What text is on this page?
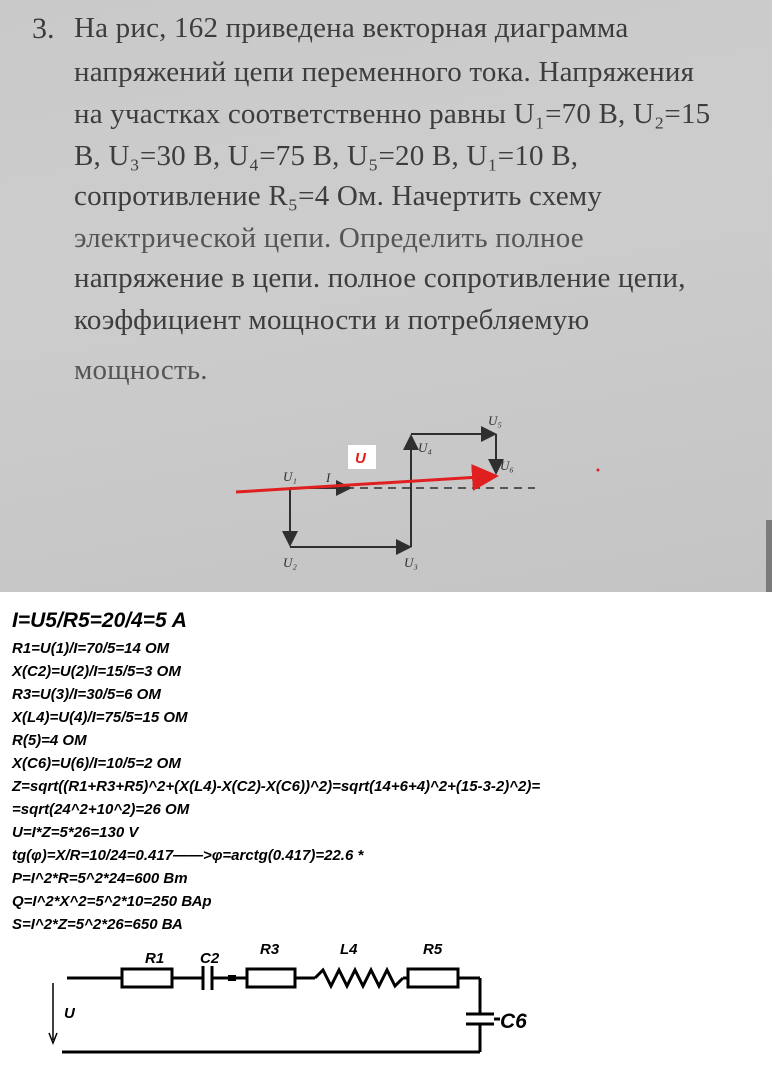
3. На рис, 162 приведена векторная диаграмма
напряжений цепи переменного тока. Напряжения
на участках соответственно равны U₁=70 В, U₂=15
В, U₃=30 В, U₄=75 В, U₅=20 В, U₁=10 В,
сопротивление R₅=4 Ом. Начертить схему
электрической цепи. Определить полное
напряжение в цепи. полное сопротивление цепи,
коэффициент мощности и потребляемую
мощность.
U
U₁ I
U₂	U₃
U₄
U₅
U₆
I=U5/R5=20/4=5 A
R1=U(1)/I=70/5=14 OM
X(C2)=U(2)/I=15/5=3 OM
R3=U(3)/I=30/5=6 OM
X(L4)=U(4)/I=75/5=15 OM
R(5)=4 OM
X(C6)=U(6)/I=10/5=2 OM
Z=sqrt((R1+R3+R5)^2+(X(L4)-X(C2)-X(C6))^2)=sqrt(14+6+4)^2+(15-3-2)^2)=
=sqrt(24^2+10^2)=26 OM
U=I*Z=5*26=130 V
tg(φ)=X/R=10/24=0.417——>φ=arctg(0.417)=22.6 *
P=I^2*R=5^2*24=600 Вт
Q=I^2*X^2=5^2*10=250 ВАр
S=I^2*Z=5^2*26=650 ВА
R1 C2
R3	L4	R5
C6
U
